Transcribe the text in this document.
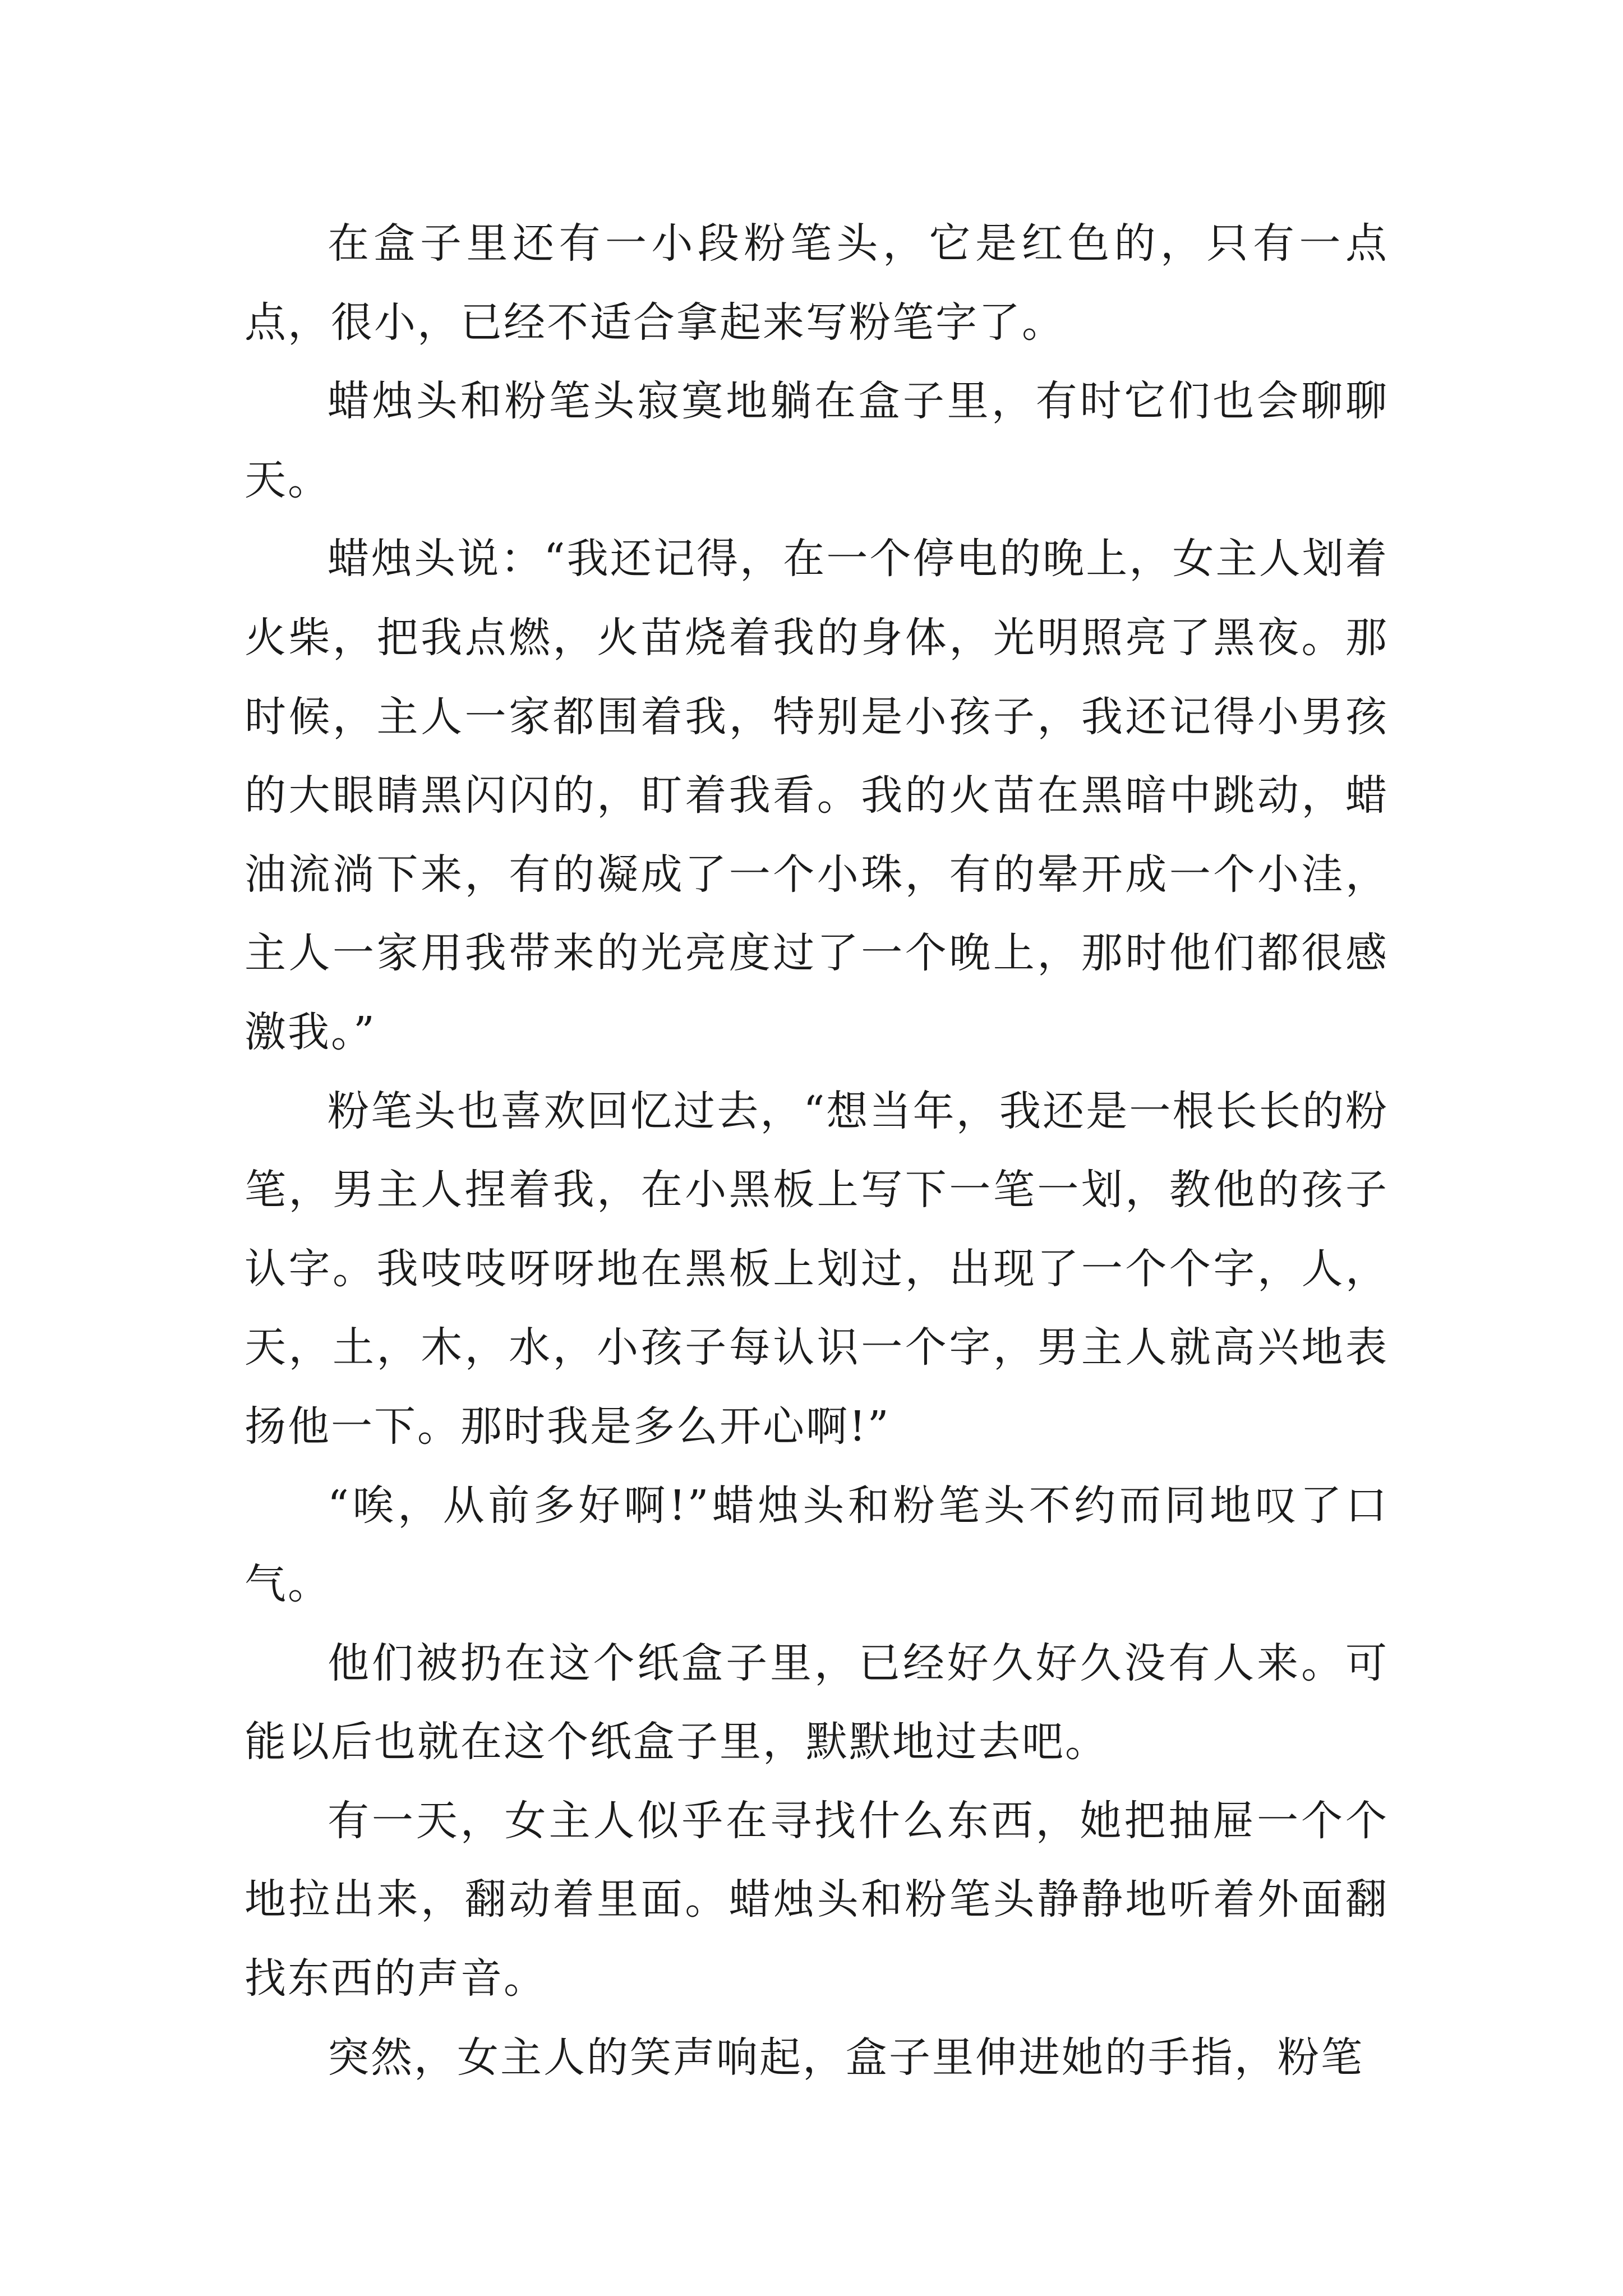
在盒子里还有一小段粉笔头，它是红色的，只有一点点，很小，已经不适合拿起来写粉笔字了。

蜡烛头和粉笔头寂寞地躺在盒子里，有时它们也会聊聊天。

蜡烛头说：“我还记得，在一个停电的晚上，女主人划着火柴，把我点燃，火苗烧着我的身体，光明照亮了黑夜。那时候，主人一家都围着我，特别是小孩子，我还记得小男孩的大眼睛黑闪闪的，盯着我看。我的火苗在黑暗中跳动，蜡油流淌下来，有的凝成了一个小珠，有的晕开成一个小洼，主人一家用我带来的光亮度过了一个晚上，那时他们都很感激我。”

粉笔头也喜欢回忆过去，“想当年，我还是一根长长的粉笔，男主人捏着我，在小黑板上写下一笔一划，教他的孩子认字。我吱吱呀呀地在黑板上划过，出现了一个个字，人，天，土，木，水，小孩子每认识一个字，男主人就高兴地表扬他一下。那时我是多么开心啊!”

“唉，从前多好啊!”蜡烛头和粉笔头不约而同地叹了口气。

他们被扔在这个纸盒子里，已经好久好久没有人来。可能以后也就在这个纸盒子里，默默地过去吧。

有一天，女主人似乎在寻找什么东西，她把抽屉一个个地拉出来，翻动着里面。蜡烛头和粉笔头静静地听着外面翻找东西的声音。

突然，女主人的笑声响起，盒子里伸进她的手指，粉笔
